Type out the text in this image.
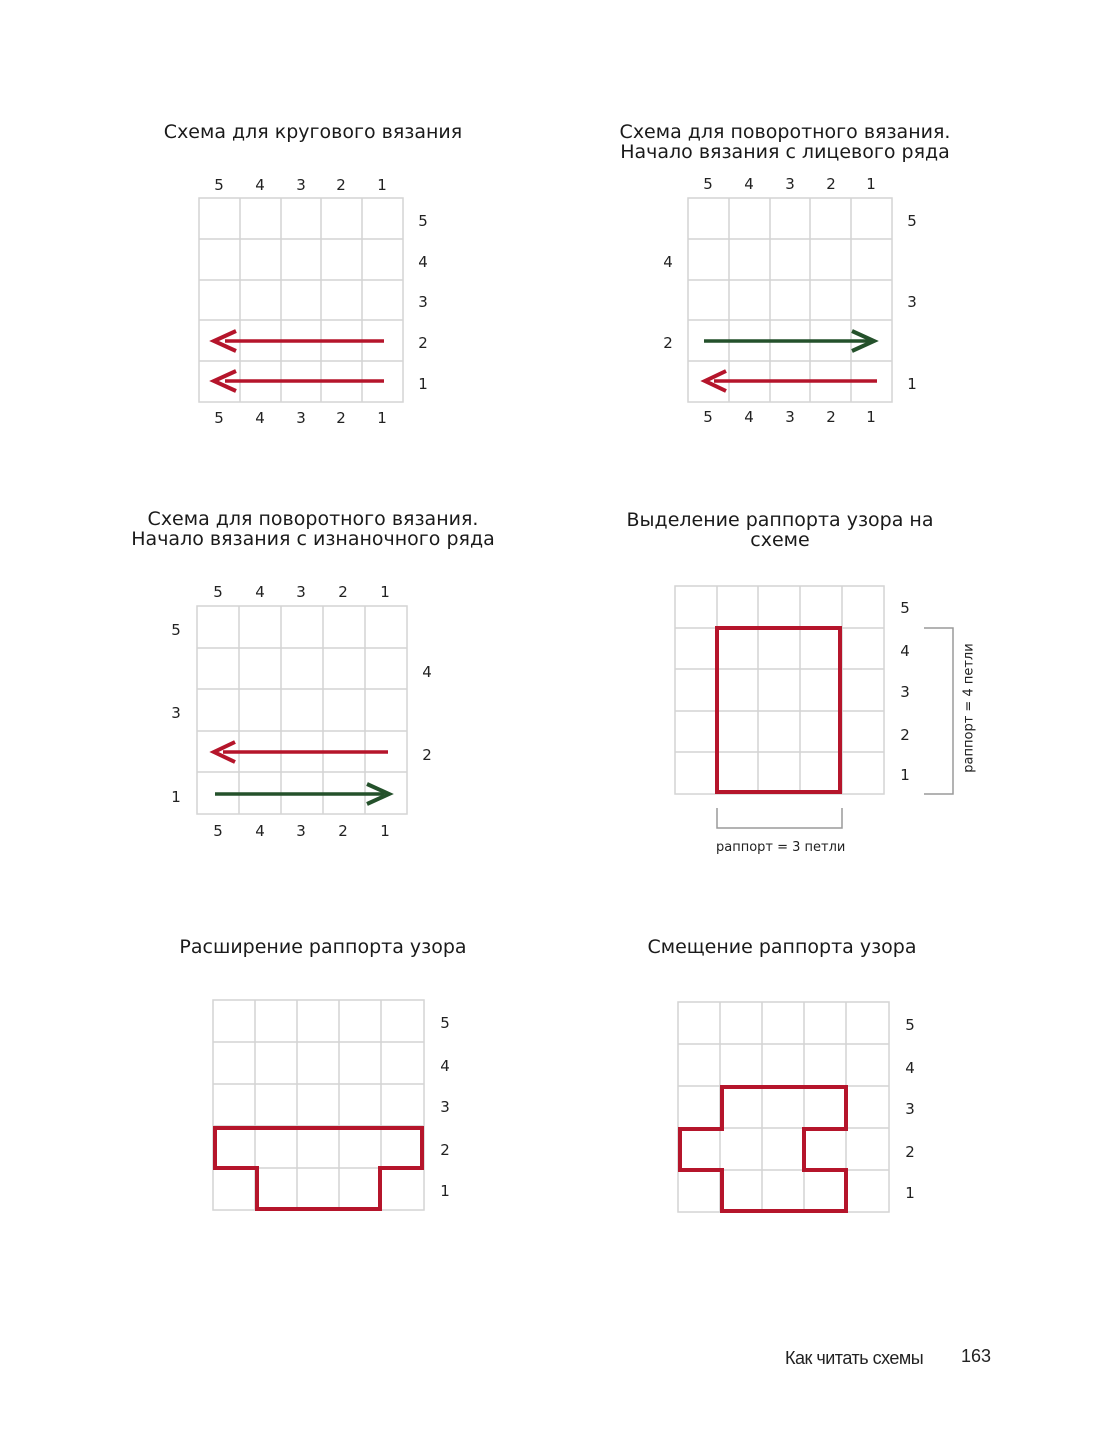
Схема для кругового вязания
5	4	3	2	1
5	4	3	2	1
5
4
3
2
1
Схема для поворотного вязания.
Начало вязания с лицевого ряда
5	4	3	2	1
5	4	3	2	1
5
3
1
4
2
Схема для поворотного вязания.
Начало вязания с изнаночного ряда
5	4	3	2	1
5	4	3	2	1
5
3
1
4
2
Выделение раппорта узора на
схеме
5
4
3
2
1
раппорт = 3 петли
раппорт = 4 петли
Расширение раппорта узора
5
4
3
2
1
Смещение раппорта узора
5
4
3
2
1
Как читать схемы 163
